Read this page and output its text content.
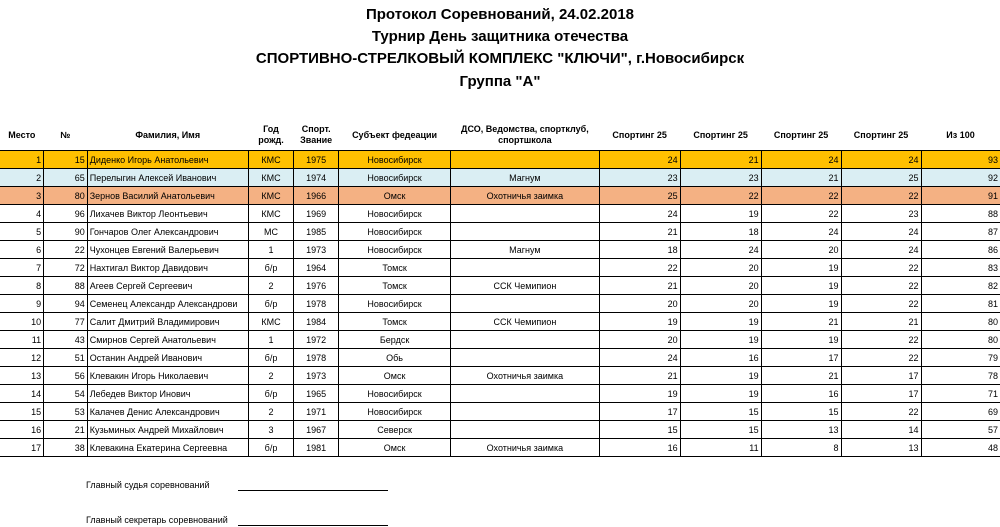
Протокол Соревнований, 24.02.2018
Турнир День защитника отечества
СПОРТИВНО-СТРЕЛКОВЫЙ КОМПЛЕКС "КЛЮЧИ", г.Новосибирск
Группа "А"
Место	№	Фамилия, Имя	Год рожд.	Спорт. Звание	Субъект федеации	ДСО, Ведомства, спортклуб, спортшкола	Спортинг 25	Спортинг 25	Спортинг 25	Спортинг 25	Из 100
1	15	Диденко Игорь Анатольевич	КМС	1975	Новосибирск		24	21	24	24	93
2	65	Перелыгин Алексей Иванович	КМС	1974	Новосибирск	Магнум	23	23	21	25	92
3	80	Зернов Василий Анатольевич	КМС	1966	Омск	Охотничья заимка	25	22	22	22	91
4	96	Лихачев Виктор Леонтьевич	КМС	1969	Новосибирск		24	19	22	23	88
5	90	Гончаров Олег Александрович	МС	1985	Новосибирск		21	18	24	24	87
6	22	Чухонцев Евгений Валерьевич	1	1973	Новосибирск	Магнум	18	24	20	24	86
7	72	Нахтигал Виктор Давидович	б/р	1964	Томск		22	20	19	22	83
8	88	Агеев Сергей Сергеевич	2	1976	Томск	ССК Чемипион	21	20	19	22	82
9	94	Семенец Александр Александрови	б/р	1978	Новосибирск		20	20	19	22	81
10	77	Салит Дмитрий Владимирович	КМС	1984	Томск	ССК Чемипион	19	19	21	21	80
11	43	Смирнов Сергей Анатольевич	1	1972	Бердск		20	19	19	22	80
12	51	Останин Андрей Иванович	б/р	1978	Обь		24	16	17	22	79
13	56	Клевакин Игорь Николаевич	2	1973	Омск	Охотничья заимка	21	19	21	17	78
14	54	Лебедев Виктор Инович	б/р	1965	Новосибирск		19	19	16	17	71
15	53	Калачев Денис Александрович	2	1971	Новосибирск		17	15	15	22	69
16	21	Кузьминых Андрей Михайлович	3	1967	Северск		15	15	13	14	57
17	38	Клевакина Екатерина Сергеевна	б/р	1981	Омск	Охотничья заимка	16	11	8	13	48
Главный судья соревнований
Главный секретарь соревнований
